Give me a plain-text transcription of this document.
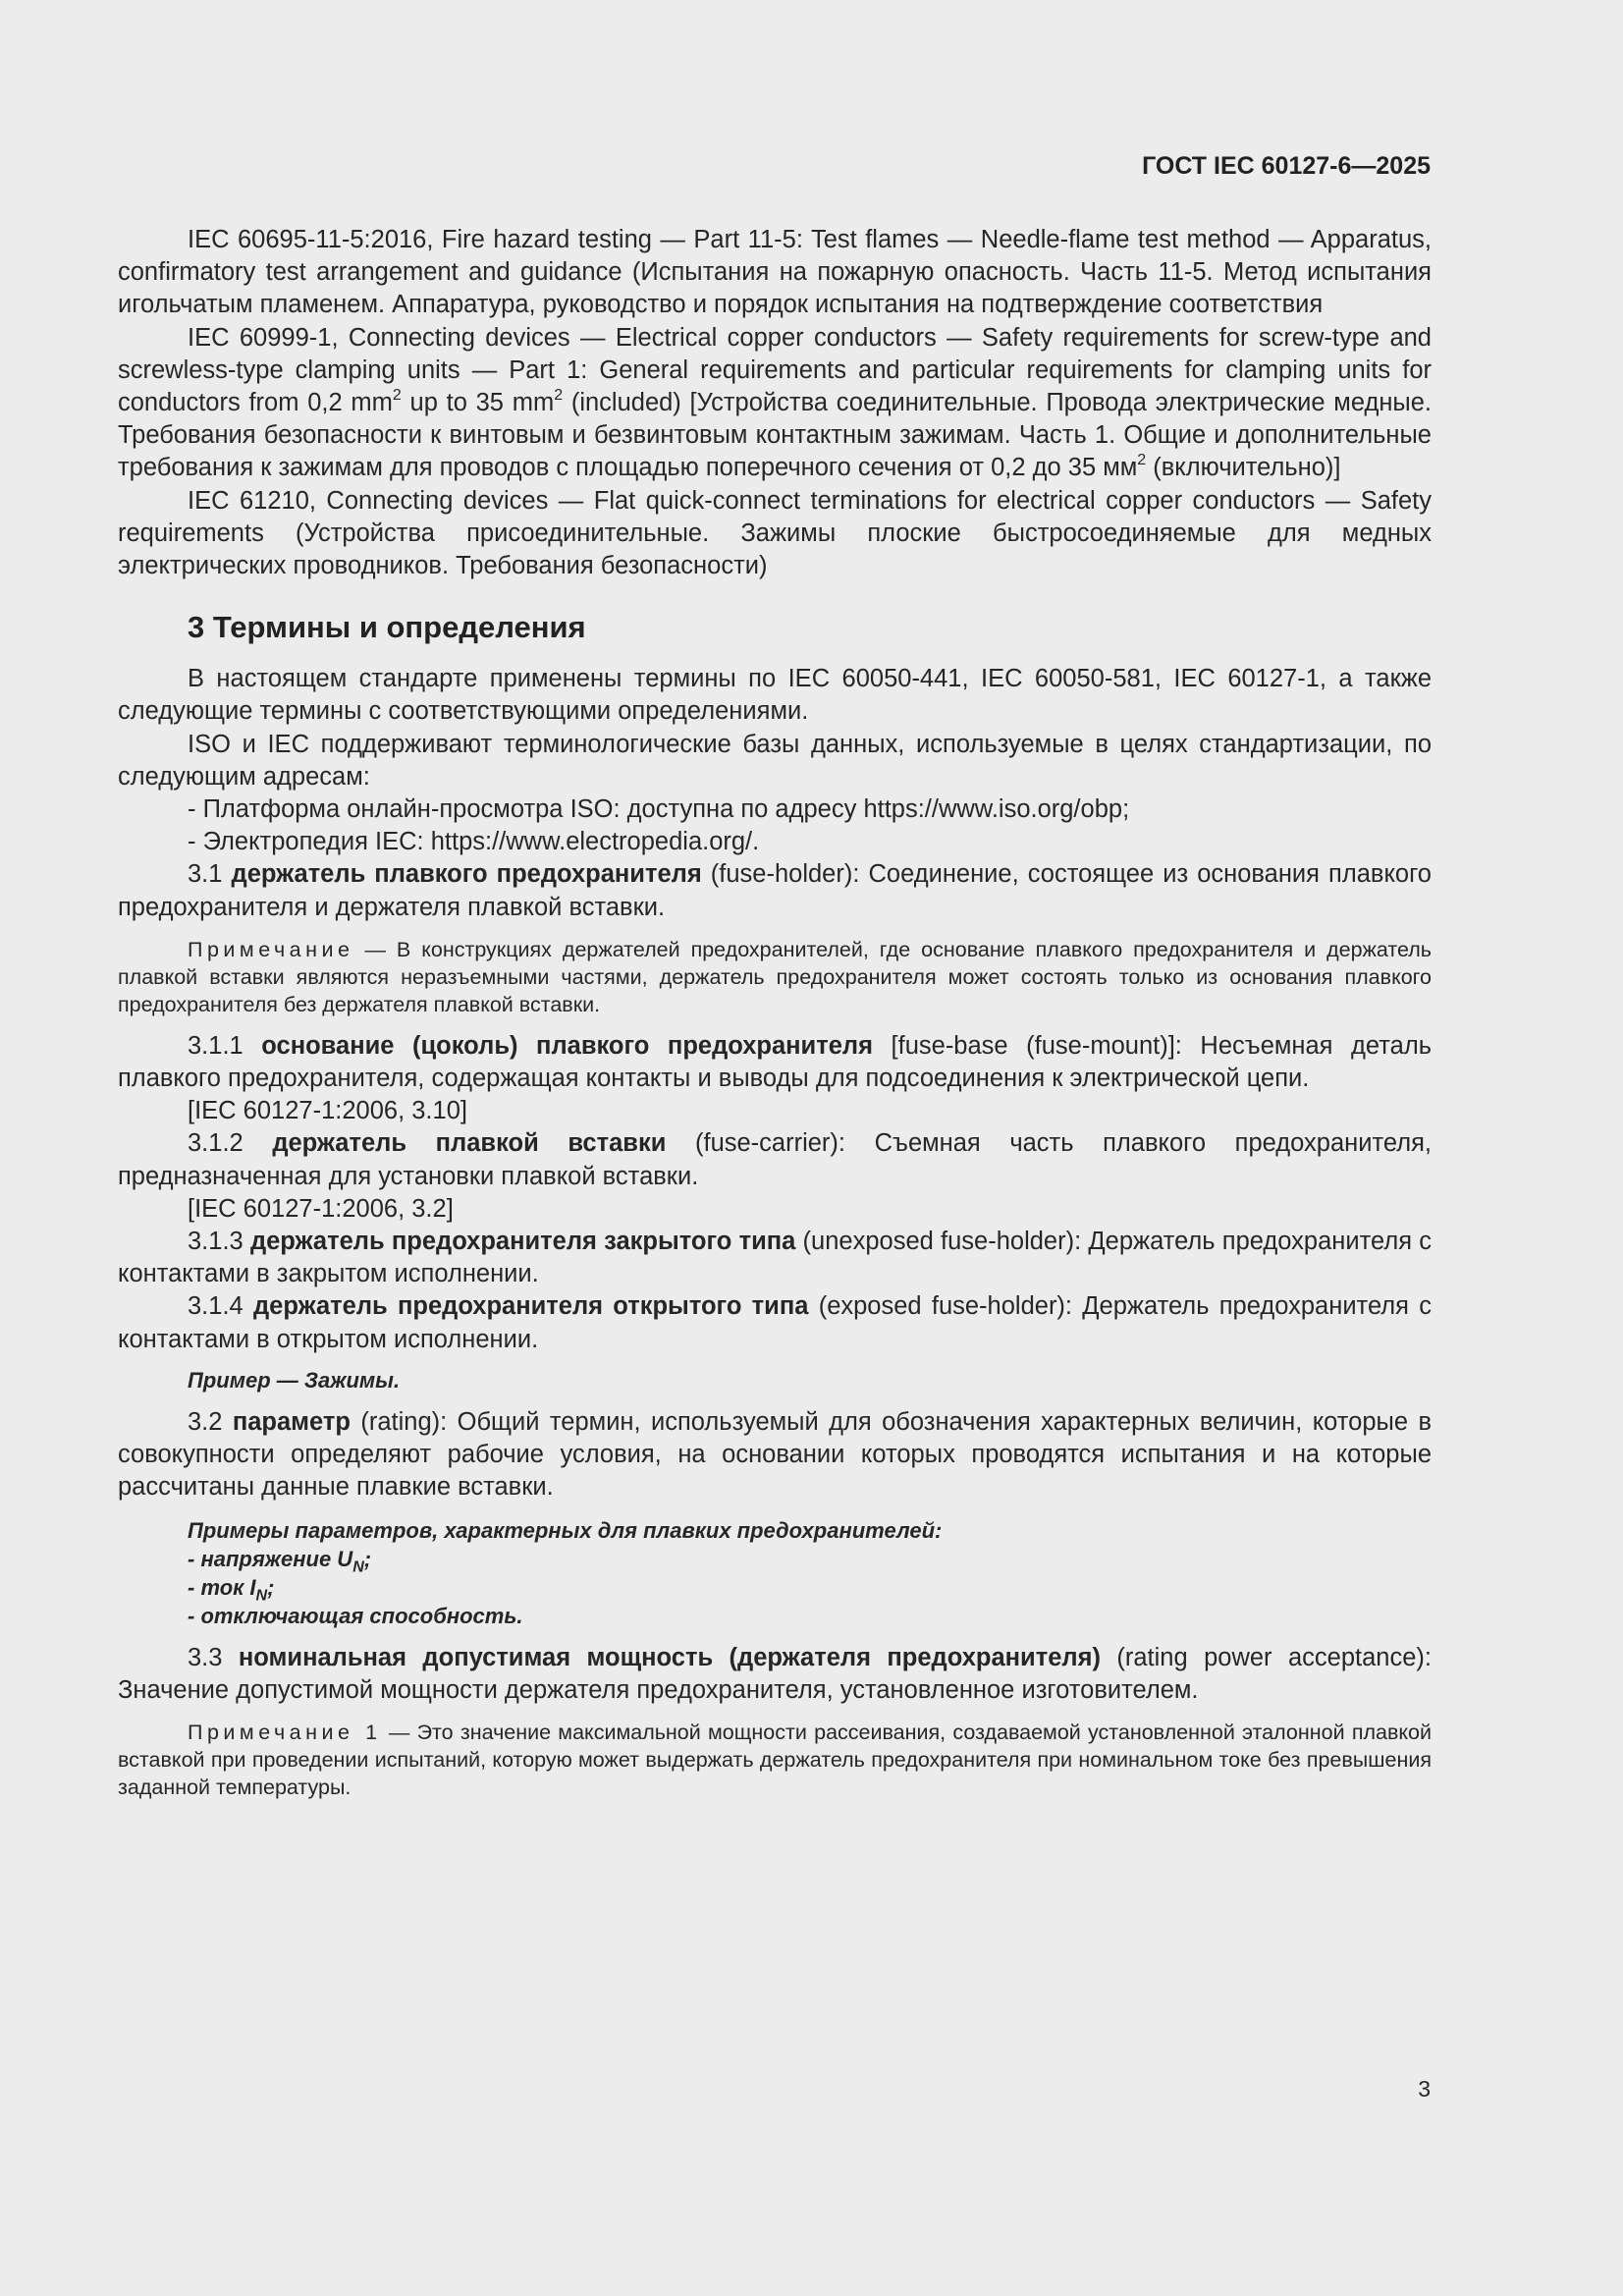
ГОСТ IEC 60127-6—2025

IEC 60695-11-5:2016, Fire hazard testing — Part 11-5: Test flames — Needle-flame test method — Apparatus, confirmatory test arrangement and guidance (Испытания на пожарную опасность. Часть 11-5. Метод испытания игольчатым пламенем. Аппаратура, руководство и порядок испытания на подтверждение соответствия

IEC 60999-1, Connecting devices — Electrical copper conductors — Safety requirements for screw-type and screwless-type clamping units — Part 1: General requirements and particular requirements for clamping units for conductors from 0,2 $mm^2$ up to 35 $mm^2$ (included) [Устройства соединительные. Провода электрические медные. Требования безопасности к винтовым и безвинтовым контактным зажимам. Часть 1. Общие и дополнительные требования к зажимам для проводов с площадью поперечного сечения от 0,2 до 35 $мм^2$ (включительно)]

IEC 61210, Connecting devices — Flat quick-connect terminations for electrical copper conductors — Safety requirements (Устройства присоединительные. Зажимы плоские быстросоединяемые для медных электрических проводников. Требования безопасности)

3 Термины и определения

В настоящем стандарте применены термины по IEC 60050-441, IEC 60050-581, IEC 60127-1, а также следующие термины с соответствующими определениями.

ISO и IEC поддерживают терминологические базы данных, используемые в целях стандартизации, по следующим адресам:

- Платформа онлайн-просмотра ISO: доступна по адресу https://www.iso.org/obp;

- Электропедия IEC: https://www.electropedia.org/.

3.1 держатель плавкого предохранителя (fuse-holder): Соединение, состоящее из основания плавкого предохранителя и держателя плавкой вставки.

Примечание — В конструкциях держателей предохранителей, где основание плавкого предохранителя и держатель плавкой вставки являются неразъемными частями, держатель предохранителя может состоять только из основания плавкого предохранителя без держателя плавкой вставки.

3.1.1 основание (цоколь) плавкого предохранителя [fuse-base (fuse-mount)]: Несъемная деталь плавкого предохранителя, содержащая контакты и выводы для подсоединения к электрической цепи.

[IEC 60127-1:2006, 3.10]

3.1.2 держатель плавкой вставки (fuse-carrier): Съемная часть плавкого предохранителя, предназначенная для установки плавкой вставки.

[IEC 60127-1:2006, 3.2]

3.1.3 держатель предохранителя закрытого типа (unexposed fuse-holder): Держатель предохранителя с контактами в закрытом исполнении.

3.1.4 держатель предохранителя открытого типа (exposed fuse-holder): Держатель предохранителя с контактами в открытом исполнении.

Пример — Зажимы.

3.2 параметр (rating): Общий термин, используемый для обозначения характерных величин, которые в совокупности определяют рабочие условия, на основании которых проводятся испытания и на которые рассчитаны данные плавкие вставки.

Примеры параметров, характерных для плавких предохранителей:

- напряжение $U_N$;

- ток $I_N$;

- отключающая способность.

3.3 номинальная допустимая мощность (держателя предохранителя) (rating power acceptance): Значение допустимой мощности держателя предохранителя, установленное изготовителем.

Примечание 1 — Это значение максимальной мощности рассеивания, создаваемой установленной эталонной плавкой вставкой при проведении испытаний, которую может выдержать держатель предохранителя при номинальном токе без превышения заданной температуры.

3
